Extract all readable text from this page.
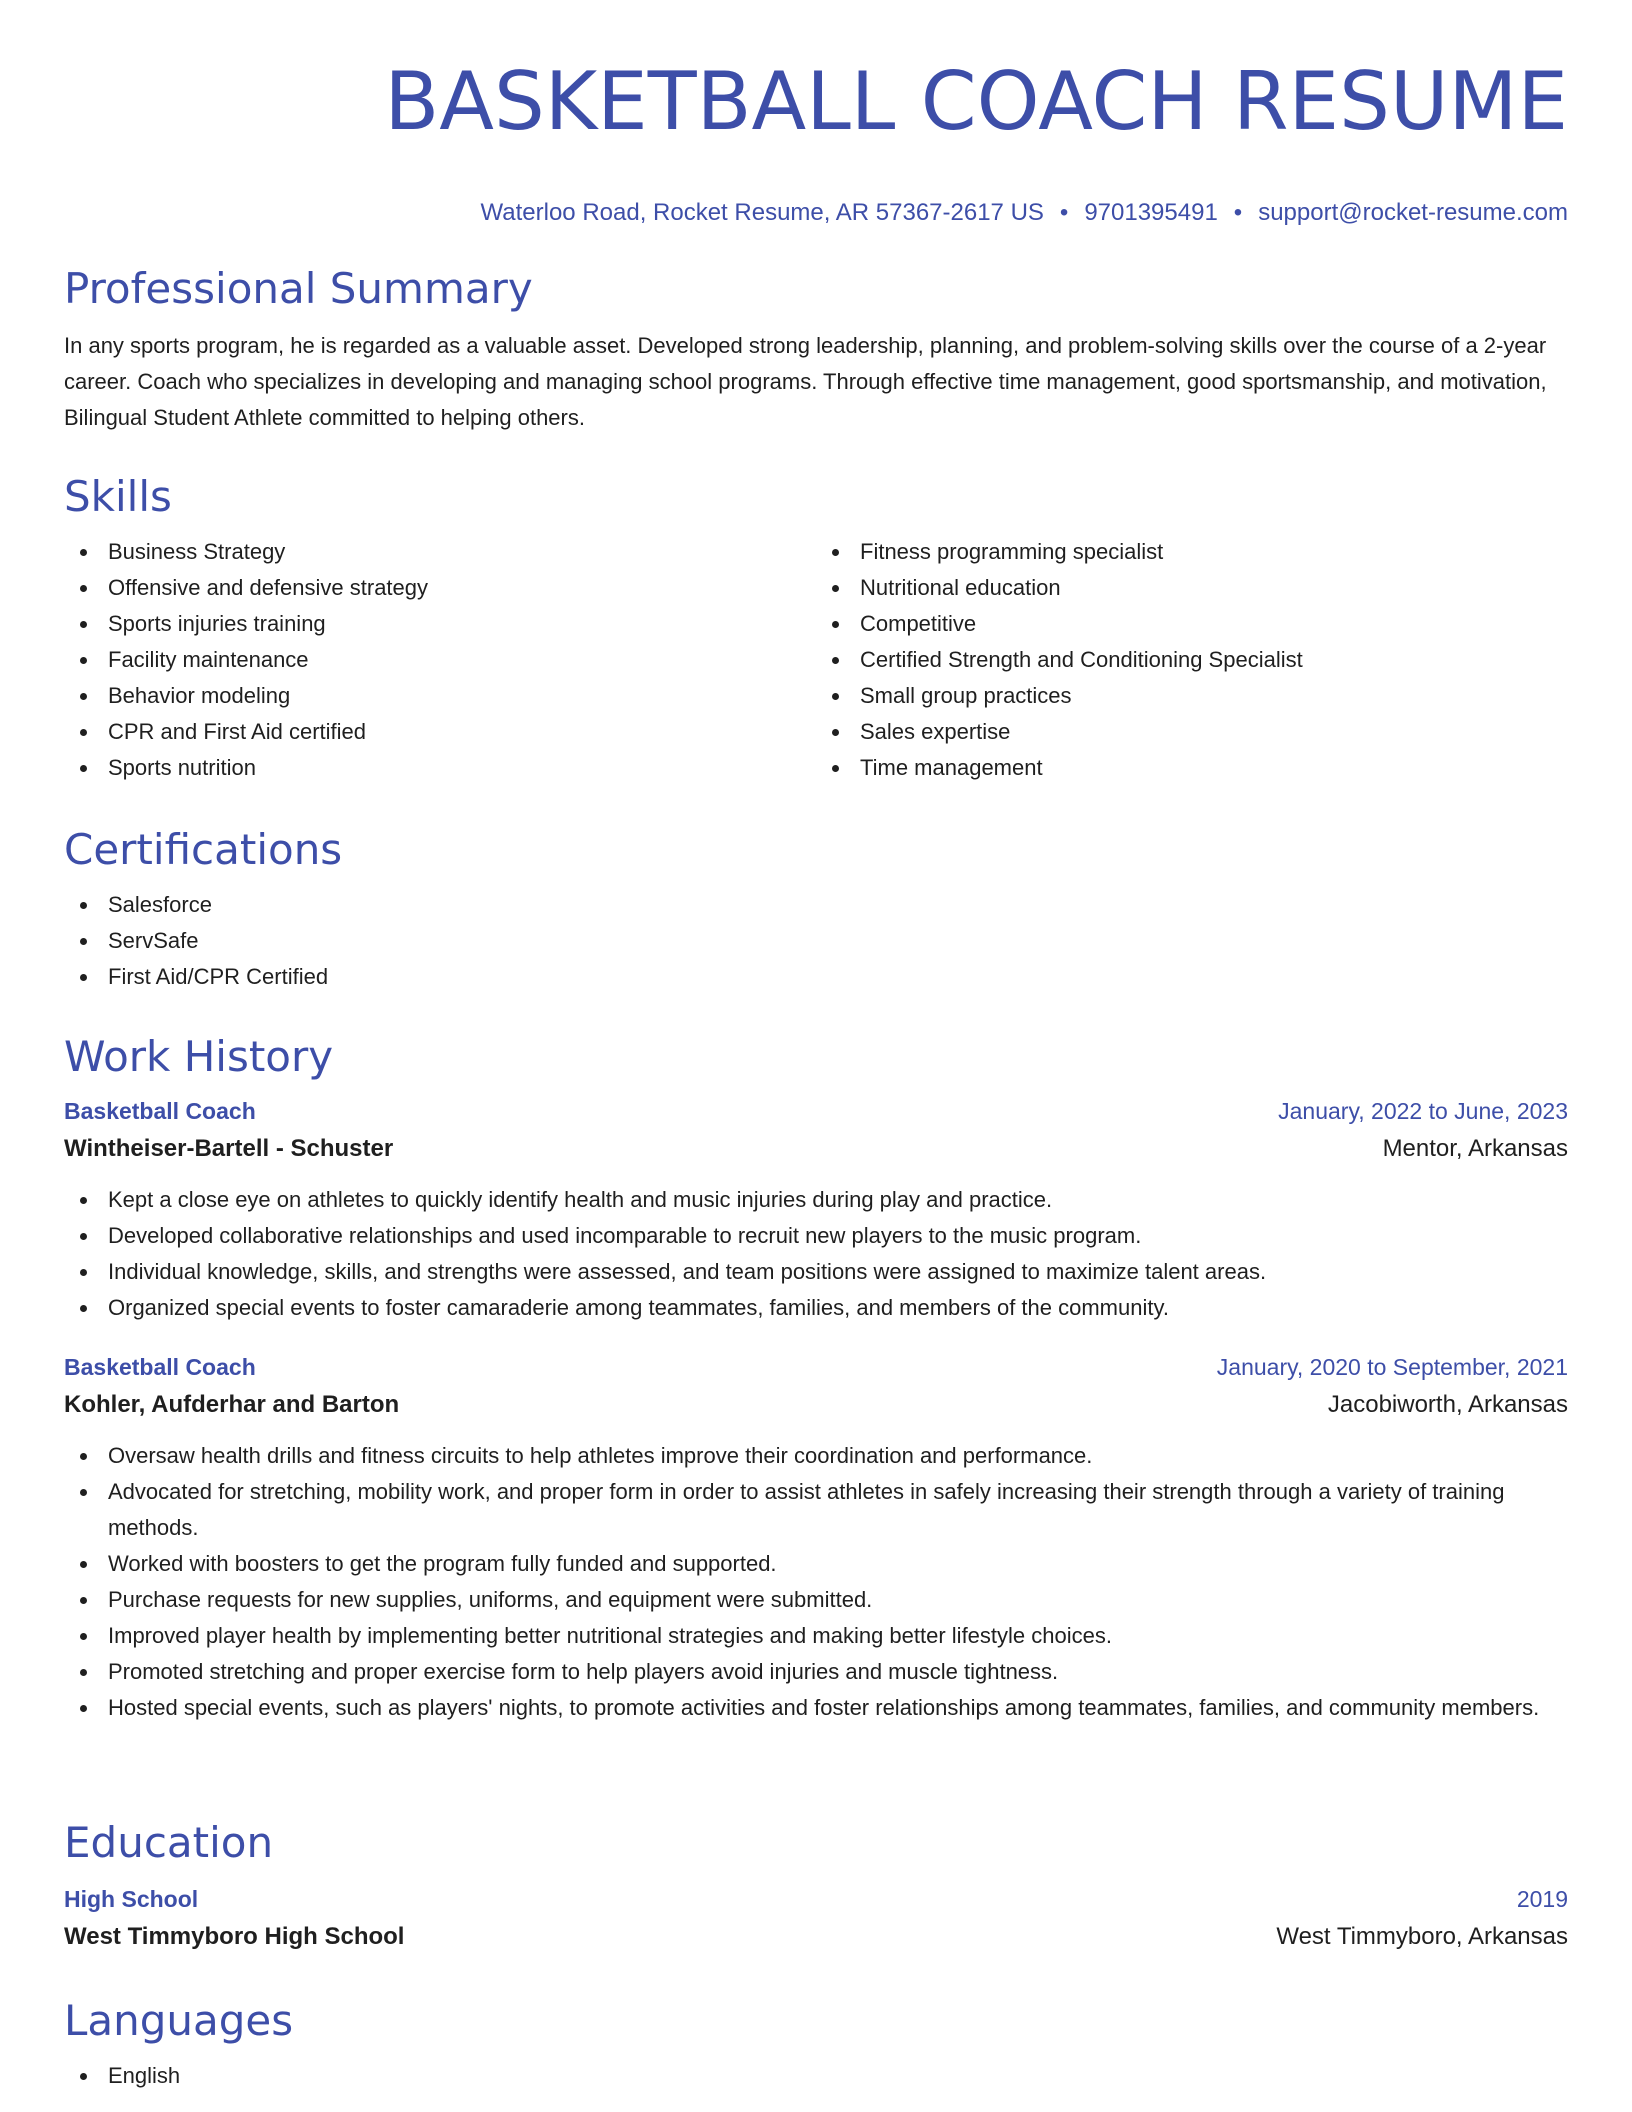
BASKETBALL COACH RESUME
Waterloo Road, Rocket Resume, AR 57367-2617 US • 9701395491 • support@rocket-resume.com
Professional Summary

In any sports program, he is regarded as a valuable asset. Developed strong leadership, planning, and problem-solving skills over the course of a 2-year career. Coach who specializes in developing and managing school programs. Through effective time management, good sportsmanship, and motivation, Bilingual Student Athlete committed to helping others.

Skills
Business Strategy
Offensive and defensive strategy
Sports injuries training
Facility maintenance
Behavior modeling
CPR and First Aid certified
Sports nutrition
Fitness programming specialist
Nutritional education
Competitive
Certified Strength and Conditioning Specialist
Small group practices
Sales expertise
Time management
Certifications
Salesforce
ServSafe
First Aid/CPR Certified
Work History
Basketball Coach	January, 2022 to June, 2023
Wintheiser-Bartell - Schuster	Mentor, Arkansas
Kept a close eye on athletes to quickly identify health and music injuries during play and practice.
Developed collaborative relationships and used incomparable to recruit new players to the music program.
Individual knowledge, skills, and strengths were assessed, and team positions were assigned to maximize talent areas.
Organized special events to foster camaraderie among teammates, families, and members of the community.
Basketball Coach	January, 2020 to September, 2021
Kohler, Aufderhar and Barton	Jacobiworth, Arkansas
Oversaw health drills and fitness circuits to help athletes improve their coordination and performance.
Advocated for stretching, mobility work, and proper form in order to assist athletes in safely increasing their strength through a variety of training methods.
Worked with boosters to get the program fully funded and supported.
Purchase requests for new supplies, uniforms, and equipment were submitted.
Improved player health by implementing better nutritional strategies and making better lifestyle choices.
Promoted stretching and proper exercise form to help players avoid injuries and muscle tightness.
Hosted special events, such as players' nights, to promote activities and foster relationships among teammates, families, and community members.
Education
High School	2019
West Timmyboro High School	West Timmyboro, Arkansas
Languages
English
